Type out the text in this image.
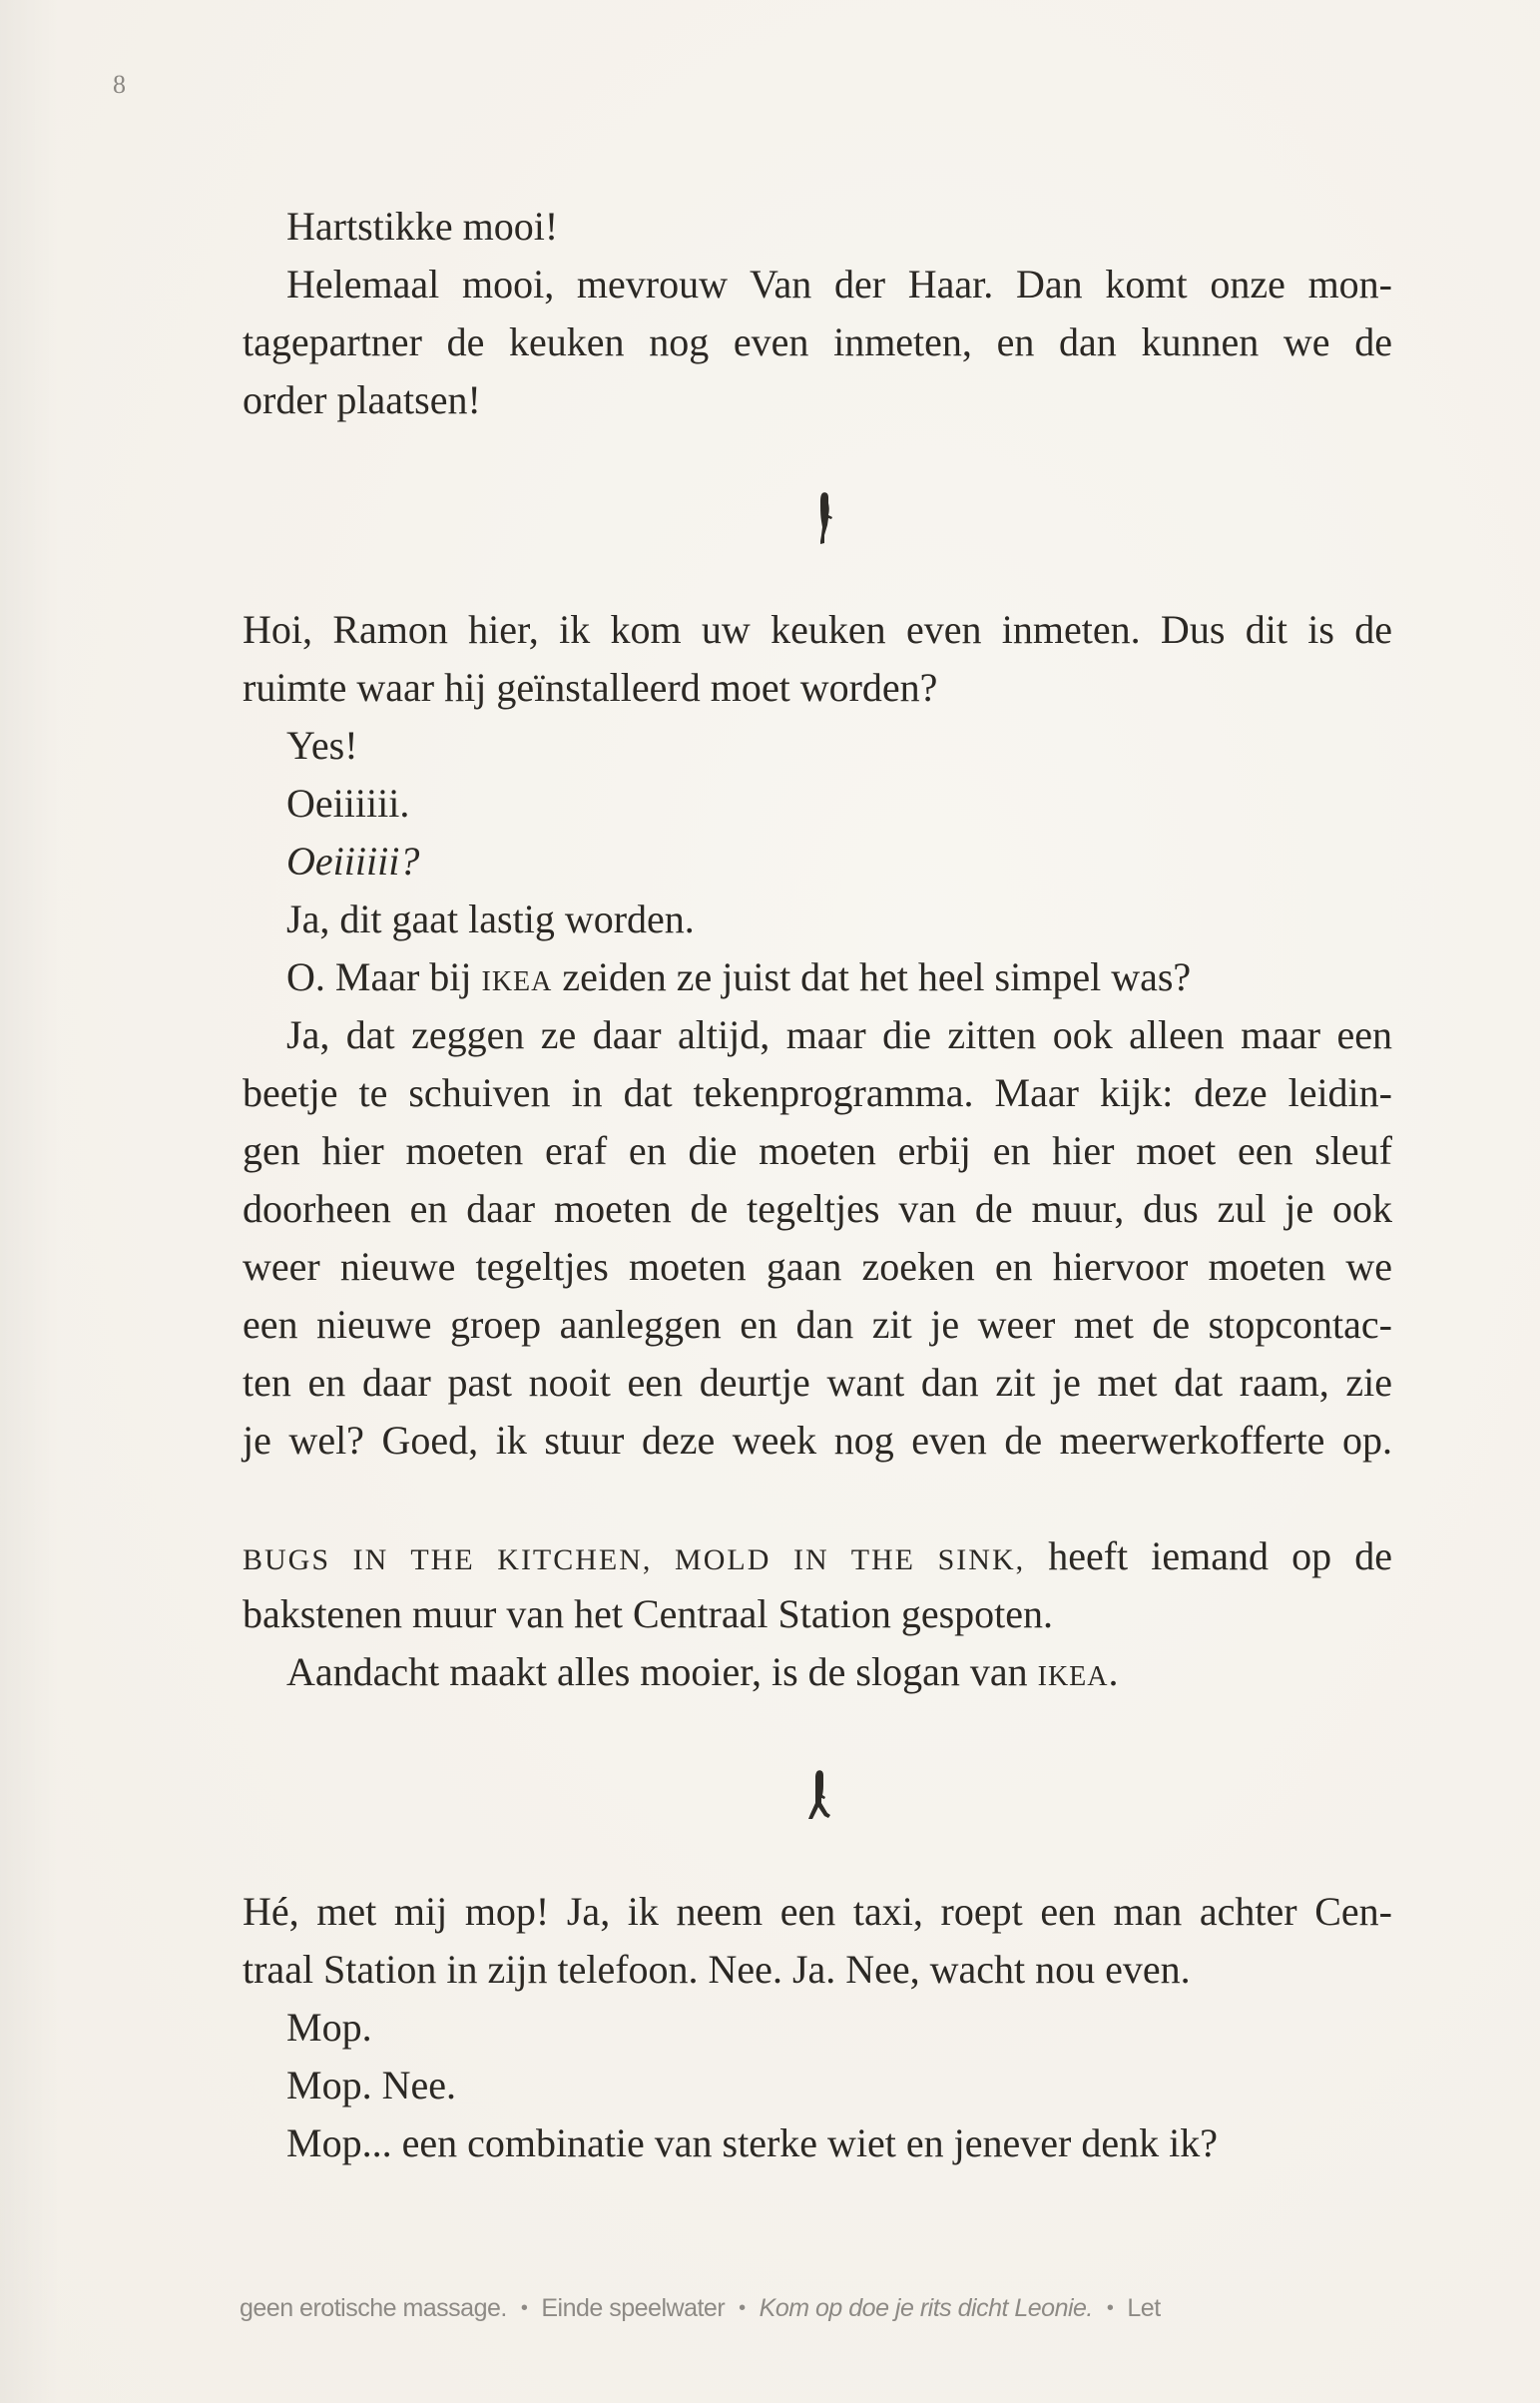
8
Hartstikke mooi!
Helemaal mooi, mevrouw Van der Haar. Dan komt onze mon-
tagepartner de keuken nog even inmeten, en dan kunnen we de
order plaatsen!
Hoi, Ramon hier, ik kom uw keuken even inmeten. Dus dit is de
ruimte waar hij geïnstalleerd moet worden?
Yes!
Oeiiiiii.
Oeiiiiii?
Ja, dit gaat lastig worden.
O. Maar bij ikea zeiden ze juist dat het heel simpel was?
Ja, dat zeggen ze daar altijd, maar die zitten ook alleen maar een
beetje te schuiven in dat tekenprogramma. Maar kijk: deze leidin-
gen hier moeten eraf en die moeten erbij en hier moet een sleuf
doorheen en daar moeten de tegeltjes van de muur, dus zul je ook
weer nieuwe tegeltjes moeten gaan zoeken en hiervoor moeten we
een nieuwe groep aanleggen en dan zit je weer met de stopcontac-
ten en daar past nooit een deurtje want dan zit je met dat raam, zie
je wel? Goed, ik stuur deze week nog even de meerwerkofferte op.
BUGS IN THE KITCHEN, MOLD IN THE SINK, heeft iemand op de
bakstenen muur van het Centraal Station gespoten.
Aandacht maakt alles mooier, is de slogan van ikea.
Hé, met mij mop! Ja, ik neem een taxi, roept een man achter Cen-
traal Station in zijn telefoon. Nee. Ja. Nee, wacht nou even.
Mop.
Mop. Nee.
Mop... een combinatie van sterke wiet en jenever denk ik?
geen erotische massage. • Einde speelwater • Kom op doe je rits dicht Leonie. • Let
